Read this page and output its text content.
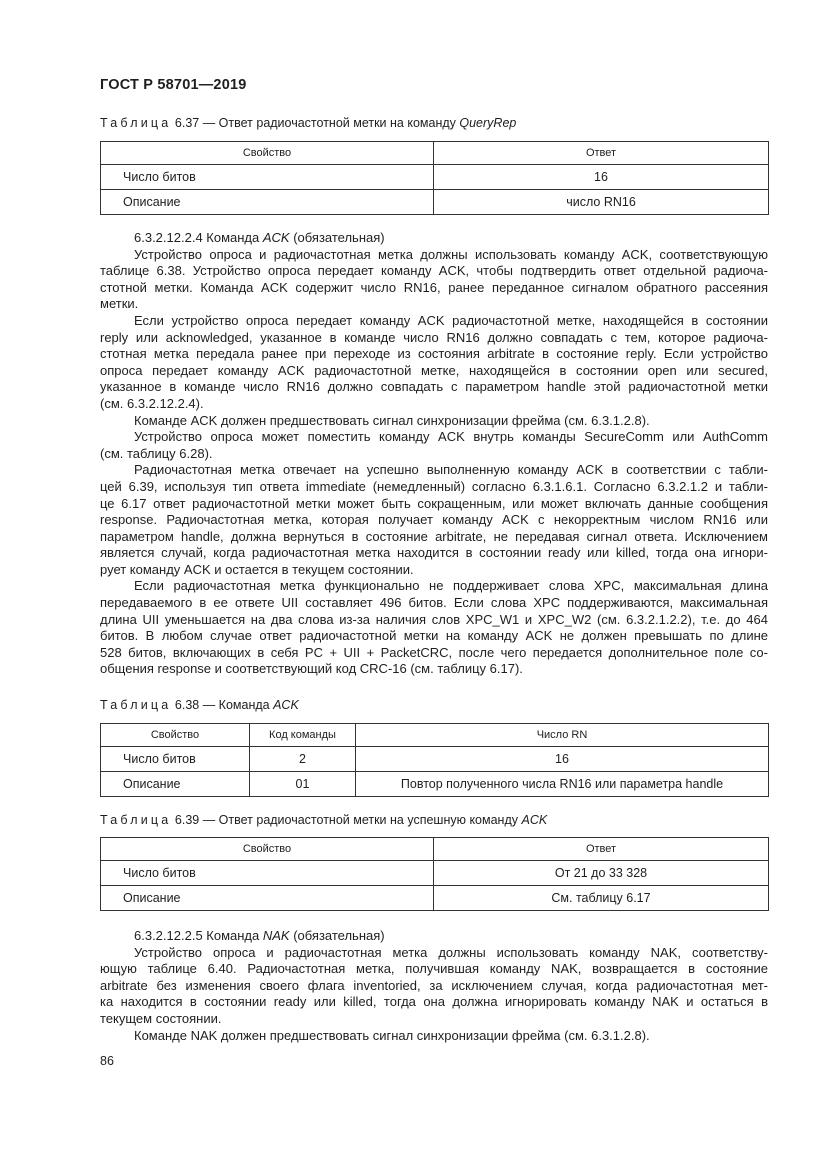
ГОСТ Р 58701—2019
Таблица 6.37 — Ответ радиочастотной метки на команду QueryRep
Свойство	Ответ
Число битов	16
Описание	число RN16
6.3.2.12.2.4 Команда ACK (обязательная)
Устройство опроса и радиочастотная метка должны использовать команду ACK, соответствующую
таблице 6.38. Устройство опроса передает команду ACK, чтобы подтвердить ответ отдельной радиоча-
стотной метки. Команда ACK содержит число RN16, ранее переданное сигналом обратного рассеяния
метки.
Если устройство опроса передает команду ACK радиочастотной метке, находящейся в состоянии
reply или acknowledged, указанное в команде число RN16 должно совпадать с тем, которое радиоча-
стотная метка передала ранее при переходе из состояния arbitrate в состояние reply. Если устройство
опроса передает команду ACK радиочастотной метке, находящейся в состоянии open или secured,
указанное в команде число RN16 должно совпадать с параметром handle этой радиочастотной метки
(см. 6.3.2.12.2.4).
Команде ACK должен предшествовать сигнал синхронизации фрейма (см. 6.3.1.2.8).
Устройство опроса может поместить команду ACK внутрь команды SecureComm или AuthComm
(см. таблицу 6.28).
Радиочастотная метка отвечает на успешно выполненную команду ACK в соответствии с табли-
цей 6.39, используя тип ответа immediate (немедленный) согласно 6.3.1.6.1. Согласно 6.3.2.1.2 и табли-
це 6.17 ответ радиочастотной метки может быть сокращенным, или может включать данные сообщения
response. Радиочастотная метка, которая получает команду ACK с некорректным числом RN16 или
параметром handle, должна вернуться в состояние arbitrate, не передавая сигнал ответа. Исключением
является случай, когда радиочастотная метка находится в состоянии ready или killed, тогда она игнори-
рует команду ACK и остается в текущем состоянии.
Если радиочастотная метка функционально не поддерживает слова XPC, максимальная длина
передаваемого в ее ответе UII составляет 496 битов. Если слова XPC поддерживаются, максимальная
длина UII уменьшается на два слова из-за наличия слов XPC_W1 и XPC_W2 (см. 6.3.2.1.2.2), т.е. до 464
битов. В любом случае ответ радиочастотной метки на команду ACK не должен превышать по длине
528 битов, включающих в себя PC + UII + PacketCRC, после чего передается дополнительное поле со-
общения response и соответствующий код CRC-16 (см. таблицу 6.17).
Таблица 6.38 — Команда ACK
Свойство	Код команды	Число RN
Число битов	2	16
Описание	01	Повтор полученного числа RN16 или параметра handle
Таблица 6.39 — Ответ радиочастотной метки на успешную команду ACK
Свойство	Ответ
Число битов	От 21 до 33 328
Описание	См. таблицу 6.17
6.3.2.12.2.5 Команда NAK (обязательная)
Устройство опроса и радиочастотная метка должны использовать команду NAK, соответству-
ющую таблице 6.40. Радиочастотная метка, получившая команду NAK, возвращается в состояние
arbitrate без изменения своего флага inventoried, за исключением случая, когда радиочастотная мет-
ка находится в состоянии ready или killed, тогда она должна игнорировать команду NAK и остаться в
текущем состоянии.
Команде NAK должен предшествовать сигнал синхронизации фрейма (см. 6.3.1.2.8).
86
